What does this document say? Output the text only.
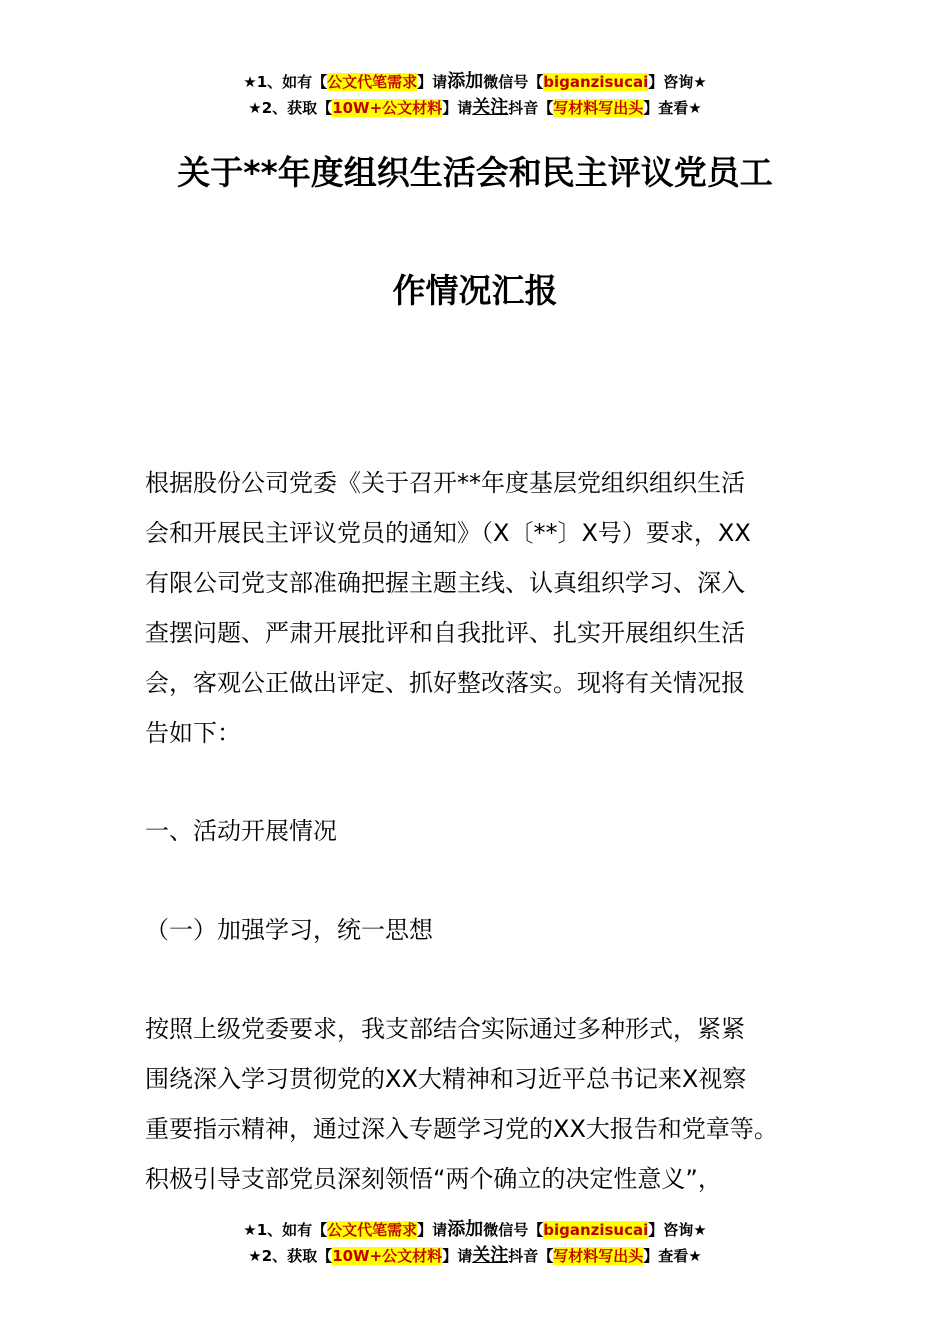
★1、如有【公文代笔需求】请添加微信号【biganzisucai】咨询★
★2、获取【10W+公文材料】请关注抖音【写材料写出头】查看★
关于**年度组织生活会和民主评议党员工
作情况汇报
根据股份公司党委《关于召开**年度基层党组织组织生活
会和开展民主评议党员的通知》（X〔**〕X号）要求，XX
有限公司党支部准确把握主题主线、认真组织学习、深入
查摆问题、严肃开展批评和自我批评、扎实开展组织生活
会，客观公正做出评定、抓好整改落实。现将有关情况报
告如下：
一、活动开展情况
（一）加强学习，统一思想
按照上级党委要求，我支部结合实际通过多种形式，紧紧
围绕深入学习贯彻党的XX大精神和习近平总书记来X视察
重要指示精神，通过深入专题学习党的XX大报告和党章等。
积极引导支部党员深刻领悟“两个确立的决定性意义”，
★1、如有【公文代笔需求】请添加微信号【biganzisucai】咨询★
★2、获取【10W+公文材料】请关注抖音【写材料写出头】查看★
